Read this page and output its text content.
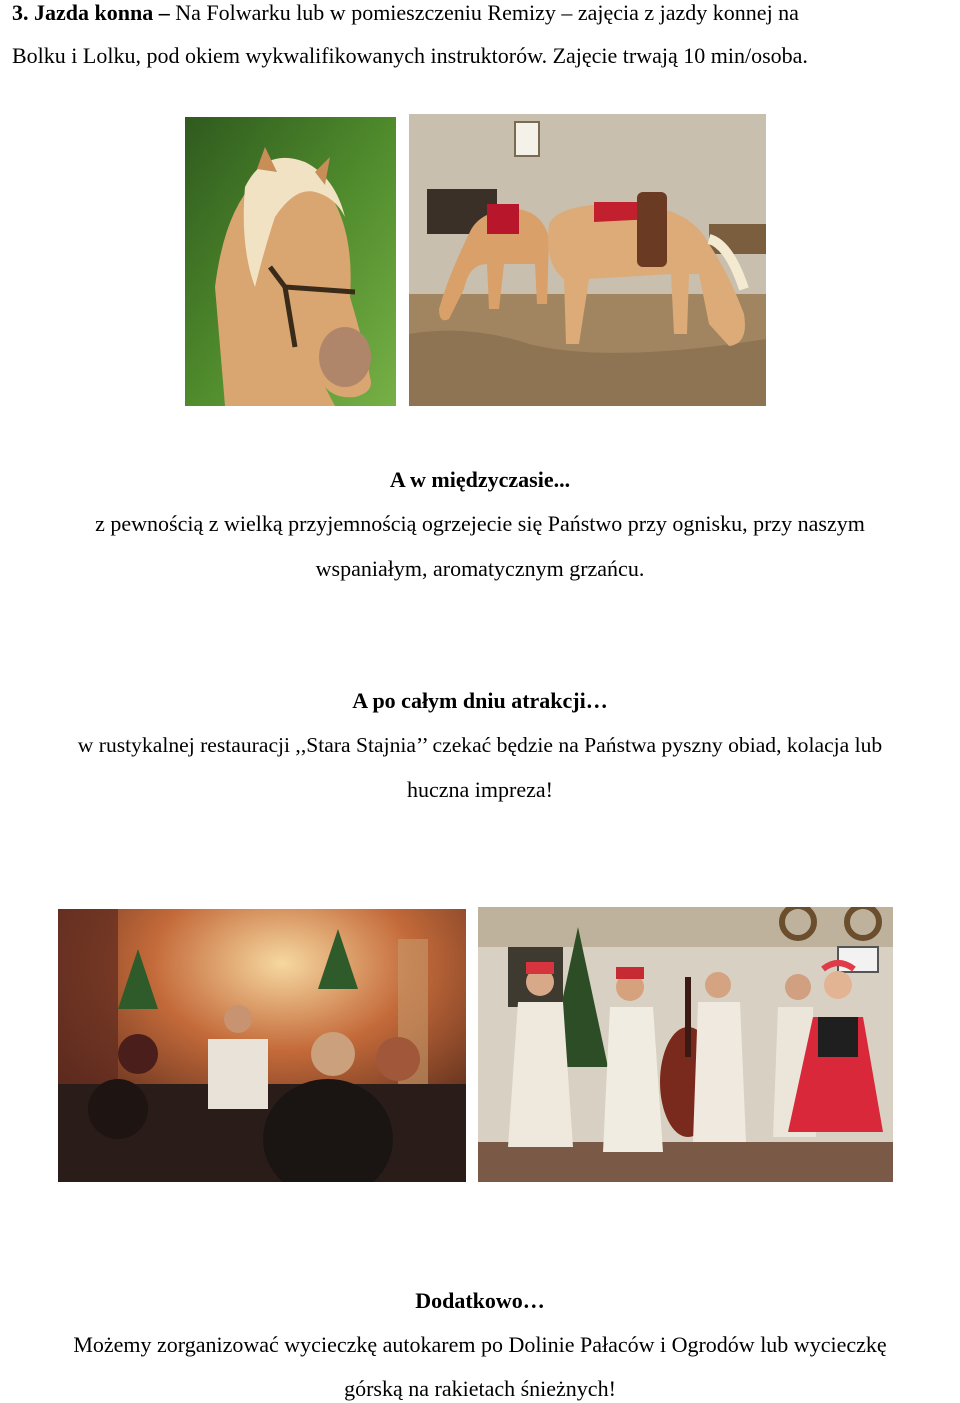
3. Jazda konna – Na Folwarku lub w pomieszczeniu Remizy – zajęcia z jazdy konnej na
Bolku i Lolku, pod okiem wykwalifikowanych instruktorów. Zajęcie trwają 10 min/osoba.
A w międzyczasie...
z pewnością z wielką przyjemnością ogrzejecie się Państwo przy ognisku, przy naszym
wspaniałym, aromatycznym grzańcu.
A po całym dniu atrakcji…
w rustykalnej restauracji ,,Stara Stajnia’’ czekać będzie na Państwa pyszny obiad, kolacja lub
huczna impreza!
Dodatkowo…
Możemy zorganizować wycieczkę autokarem po Dolinie Pałaców i Ogrodów lub wycieczkę
górską na rakietach śnieżnych!
